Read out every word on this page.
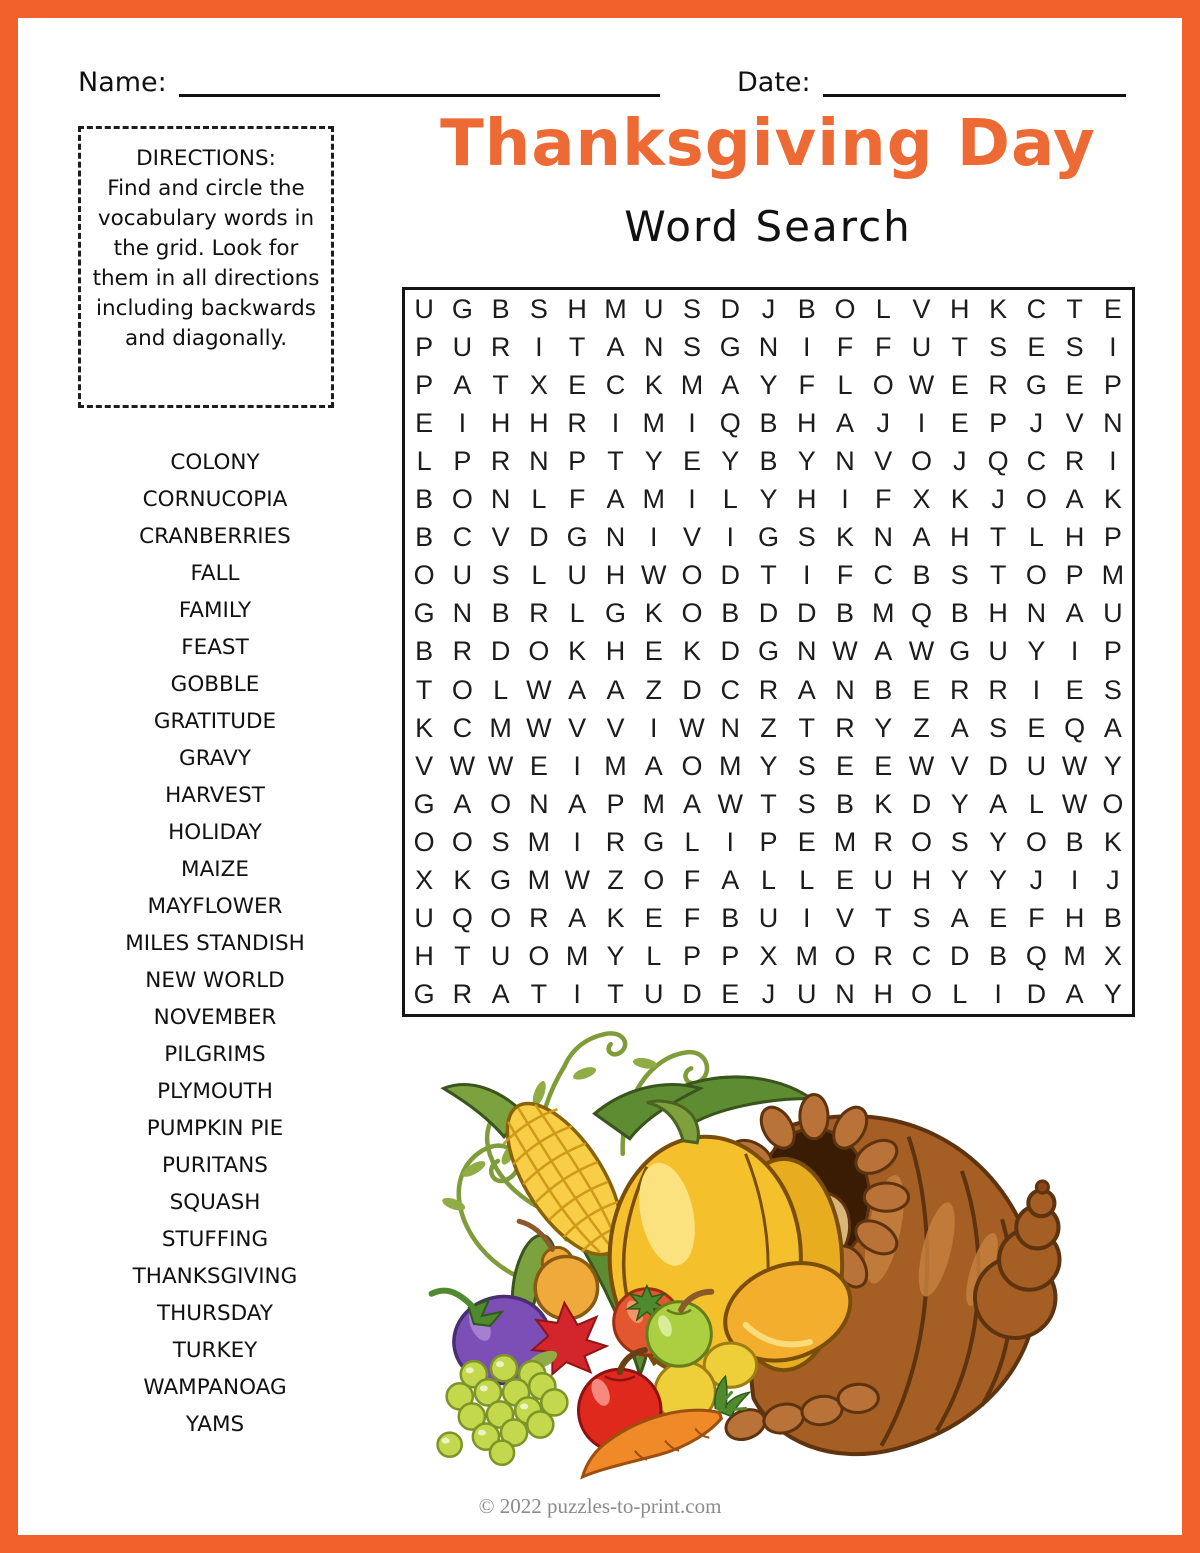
Name:	Date:
DIRECTIONS:
Find and circle the vocabulary words in the grid. Look for them in all directions including backwards and diagonally.
Thanksgiving Day
Word Search
COLONY
CORNUCOPIA
CRANBERRIES
FALL
FAMILY
FEAST
GOBBLE
GRATITUDE
GRAVY
HARVEST
HOLIDAY
MAIZE
MAYFLOWER
MILES STANDISH
NEW WORLD
NOVEMBER
PILGRIMS
PLYMOUTH
PUMPKIN PIE
PURITANS
SQUASH
STUFFING
THANKSGIVING
THURSDAY
TURKEY
WAMPANOAG
YAMS
U G B S H M U S D J B O L V H K C T E
P U R I T A N S G N I F F U T S E S I
P A T X E C K M A Y F L O W E R G E P
E I H H R I M I Q B H A J	I E P J V N
L P R N P T Y E Y B Y N V O J Q C R I
B O N L F A M I L Y H I F X K J O A K
B C V D G N I V I G S K N A H T L H P
O U S L U H W O D T I F C B S T O P M
G N B R L G K O B D D B M Q B H N A U
B R D O K H E K D G N W A W G U Y I P
T O L W A A Z D C R A N B E R R I E S
K C M W V V I W N Z T R Y Z A S E Q A
V W W E I M A O M Y S E E W V D U W Y
G A O N A P M A W T S B K D Y A L W O
O O S M I R G L	I P E M R O S Y O B K
X K G M W Z O F A L L E U H Y Y J	I	J
U Q O R A K E F B U I V T S A E F H B
H T U O M Y L P P X M O R C D B Q M X
G R A T I T U D E J U N H O L	I D A Y
© 2022 puzzles-to-print.com
